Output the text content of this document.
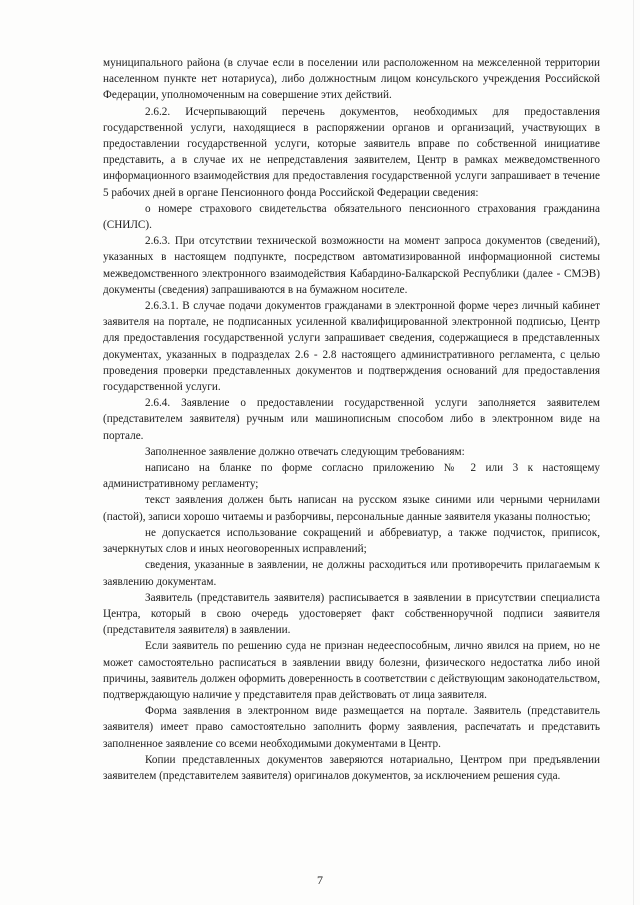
муниципального района (в случае если в поселении или расположенном на межселенной территории населенном пункте нет нотариуса), либо должностным лицом консульского учреждения Российской Федерации, уполномоченным на совершение этих действий.

2.6.2. Исчерпывающий перечень документов, необходимых для предоставления государственной услуги, находящиеся в распоряжении органов и организаций, участвующих в предоставлении государственной услуги, которые заявитель вправе по собственной инициативе представить, а в случае их не непредставления заявителем, Центр в рамках межведомственного информационного взаимодействия для предоставления государственной услуги запрашивает в течение 5 рабочих дней в органе Пенсионного фонда Российской Федерации сведения:

о номере страхового свидетельства обязательного пенсионного страхования гражданина (СНИЛС).

2.6.3. При отсутствии технической возможности на момент запроса документов (сведений), указанных в настоящем подпункте, посредством автоматизированной информационной системы межведомственного электронного взаимодействия Кабардино-Балкарской Республики (далее - СМЭВ) документы (сведения) запрашиваются в на бумажном носителе.

2.6.3.1. В случае подачи документов гражданами в электронной форме через личный кабинет заявителя на портале, не подписанных усиленной квалифицированной электронной подписью, Центр для предоставления государственной услуги запрашивает сведения, содержащиеся в представленных документах, указанных в подразделах 2.6 - 2.8 настоящего административного регламента, с целью проведения проверки представленных документов и подтверждения оснований для предоставления государственной услуги.

2.6.4. Заявление о предоставлении государственной услуги заполняется заявителем (представителем заявителя) ручным или машинописным способом либо в электронном виде на портале.

Заполненное заявление должно отвечать следующим требованиям:

написано на бланке по форме согласно приложению № 2 или 3 к настоящему административному регламенту;

текст заявления должен быть написан на русском языке синими или черными чернилами (пастой), записи хорошо читаемы и разборчивы, персональные данные заявителя указаны полностью;

не допускается использование сокращений и аббревиатур, а также подчисток, приписок, зачеркнутых слов и иных неоговоренных исправлений;

сведения, указанные в заявлении, не должны расходиться или противоречить прилагаемым к заявлению документам.

Заявитель (представитель заявителя) расписывается в заявлении в присутствии специалиста Центра, который в свою очередь удостоверяет факт собственноручной подписи заявителя (представителя заявителя) в заявлении.

Если заявитель по решению суда не признан недееспособным, лично явился на прием, но не может самостоятельно расписаться в заявлении ввиду болезни, физического недостатка либо иной причины, заявитель должен оформить доверенность в соответствии с действующим законодательством, подтверждающую наличие у представителя прав действовать от лица заявителя.

Форма заявления в электронном виде размещается на портале. Заявитель (представитель заявителя) имеет право самостоятельно заполнить форму заявления, распечатать и представить заполненное заявление со всеми необходимыми документами в Центр.

Копии представленных документов заверяются нотариально, Центром при предъявлении заявителем (представителем заявителя) оригиналов документов, за исключением решения суда.

7
